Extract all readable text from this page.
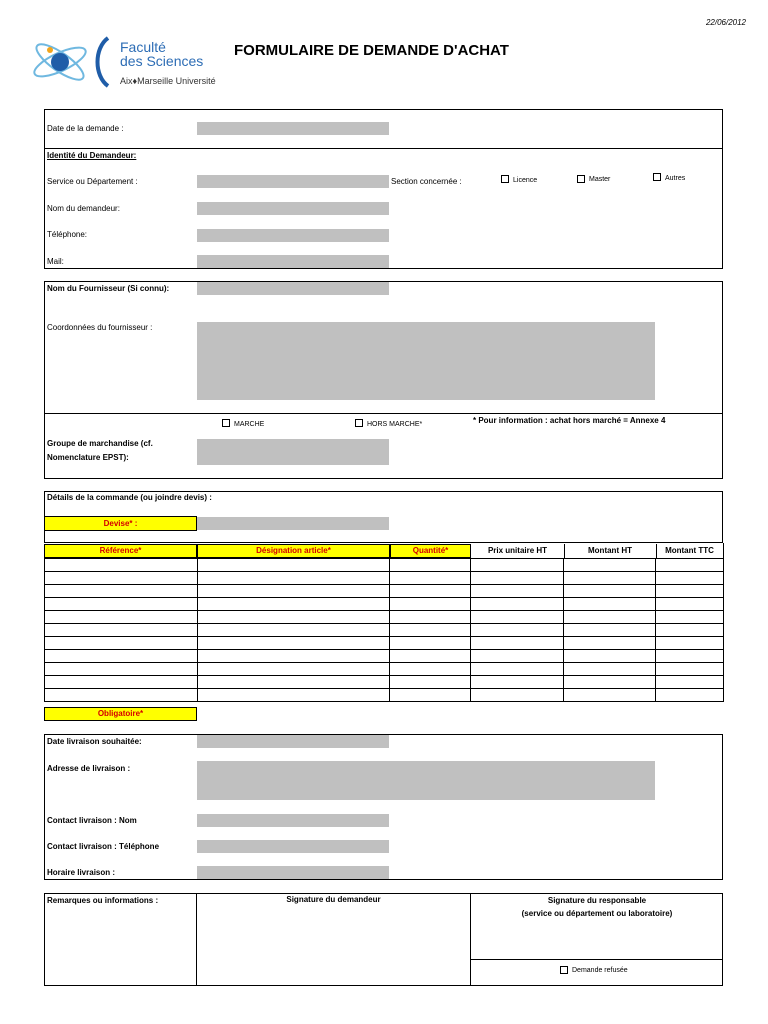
22/06/2012
Faculté
des Sciences
Aix♦Marseille Université
FORMULAIRE DE DEMANDE D'ACHAT
Date de la demande :
Identité du Demandeur:
Service ou Département :	Section concernée :	Licence	Master	Autres
Nom du demandeur:
Téléphone:
Mail:
Nom du Fournisseur (Si connu):
Coordonnées du fournisseur :
MARCHE	HORS MARCHE*	* Pour information : achat hors marché = Annexe 4
Groupe de marchandise (cf.
Nomenclature EPST):
Détails de la commande (ou joindre devis) :
Devise* :
Référence*	Désignation article*	Quantité*	Prix unitaire HT	Montant HT	Montant TTC

Obligatoire*
Date livraison souhaitée:
Adresse de livraison :
Contact livraison : Nom
Contact livraison : Téléphone
Horaire livraison :
Remarques ou informations :	Signature du demandeur	Signature du responsable
(service ou département ou laboratoire)
Demande refusée
